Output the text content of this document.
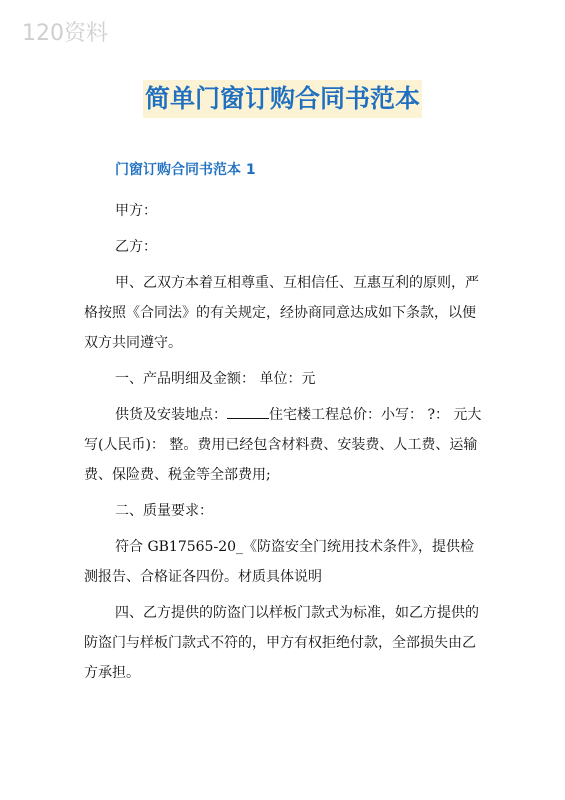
120资料
简单门窗订购合同书范本
门窗订购合同书范本 1

甲方：

乙方：

甲、乙双方本着互相尊重、互相信任、互惠互利的原则，严格按照《合同法》的有关规定，经协商同意达成如下条款，以便双方共同遵守。

一、产品明细及金额： 单位：元

供货及安装地点：	住宅楼工程总价：小写： ?： 元大写(人民币)： 整。费用已经包含材料费、安装费、人工费、运输费、保险费、税金等全部费用;

二、质量要求：

符合 GB17565-20_《防盗安全门统用技术条件》，提供检测报告、合格证各四份。材质具体说明

四、乙方提供的防盗门以样板门款式为标准，如乙方提供的防盗门与样板门款式不符的，甲方有权拒绝付款，全部损失由乙方承担。
